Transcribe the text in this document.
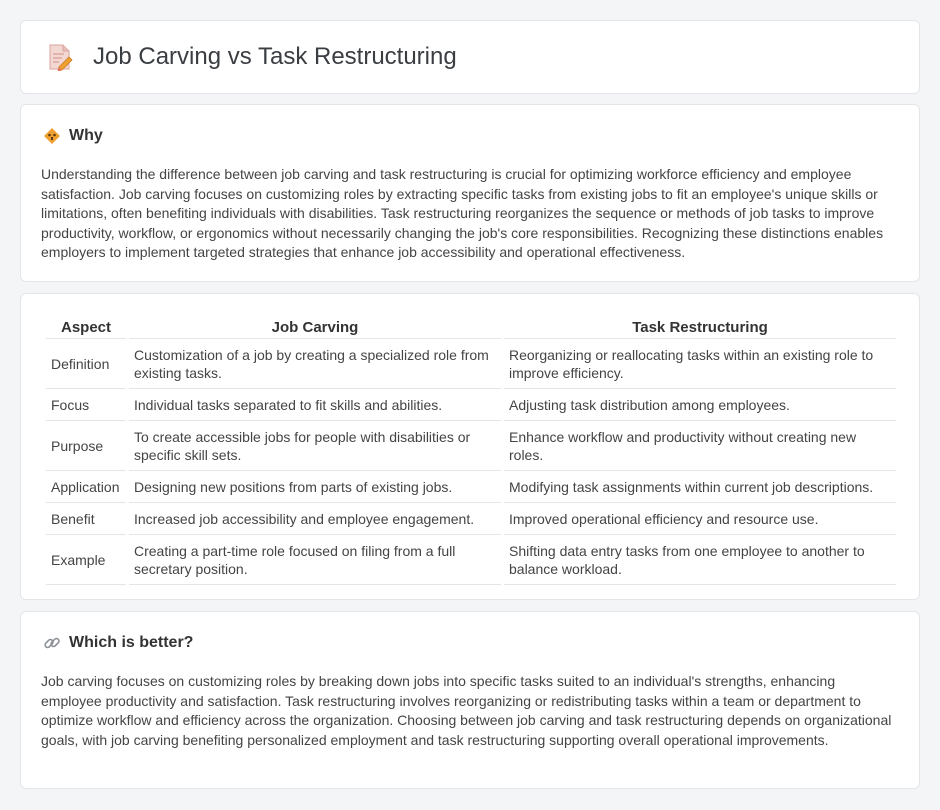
Job Carving vs Task Restructuring
Why

Understanding the difference between job carving and task restructuring is crucial for optimizing workforce efficiency and employee satisfaction. Job carving focuses on customizing roles by extracting specific tasks from existing jobs to fit an employee's unique skills or limitations, often benefiting individuals with disabilities. Task restructuring reorganizes the sequence or methods of job tasks to improve productivity, workflow, or ergonomics without necessarily changing the job's core responsibilities. Recognizing these distinctions enables employers to implement targeted strategies that enhance job accessibility and operational effectiveness.

Aspect	Job Carving	Task Restructuring
Definition	Customization of a job by creating a specialized role from existing tasks.	Reorganizing or reallocating tasks within an existing role to improve efficiency.
Focus	Individual tasks separated to fit skills and abilities.	Adjusting task distribution among employees.
Purpose	To create accessible jobs for people with disabilities or specific skill sets.	Enhance workflow and productivity without creating new roles.
Application	Designing new positions from parts of existing jobs.	Modifying task assignments within current job descriptions.
Benefit	Increased job accessibility and employee engagement.	Improved operational efficiency and resource use.
Example	Creating a part-time role focused on filing from a full secretary position.	Shifting data entry tasks from one employee to another to balance workload.
Which is better?

Job carving focuses on customizing roles by breaking down jobs into specific tasks suited to an individual's strengths, enhancing employee productivity and satisfaction. Task restructuring involves reorganizing or redistributing tasks within a team or department to optimize workflow and efficiency across the organization. Choosing between job carving and task restructuring depends on organizational goals, with job carving benefiting personalized employment and task restructuring supporting overall operational improvements.
